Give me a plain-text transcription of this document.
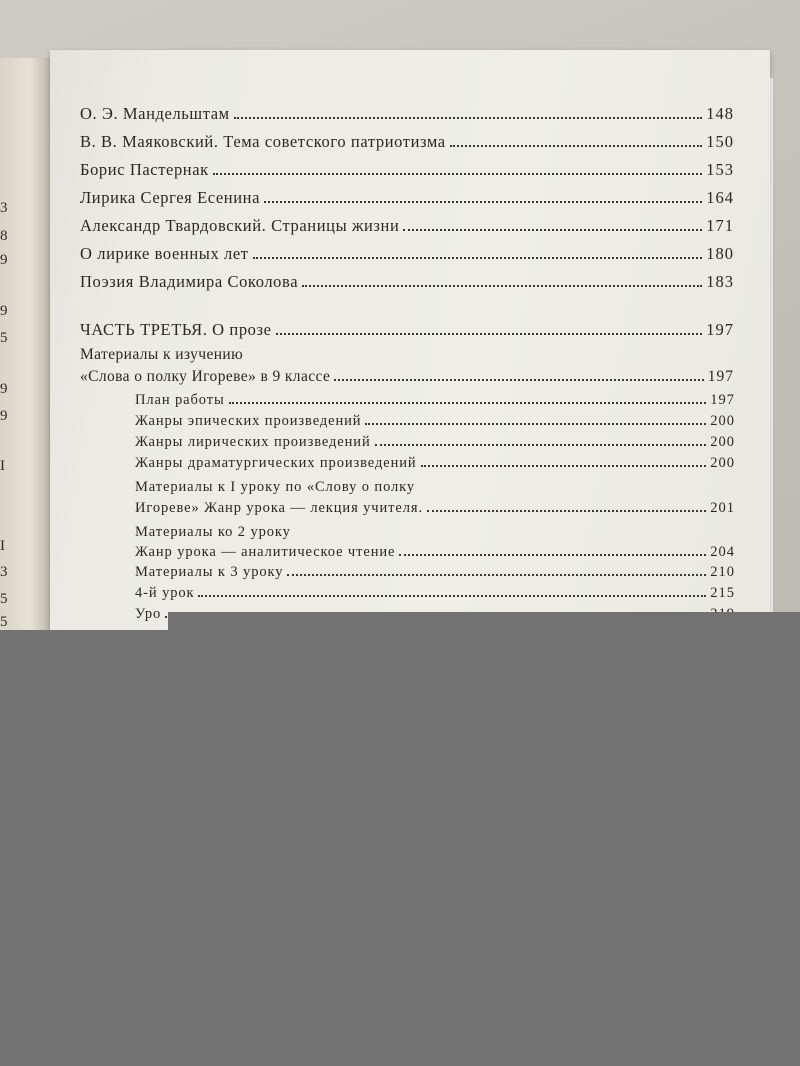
3
8
9
9
5
9
9
I
I
3
5
5
О. Э. Мандельштам	148
В. В. Маяковский. Тема советского патриотизма	150
Борис Пастернак	153
Лирика Сергея Есенина	164
Александр Твардовский. Страницы жизни	171
О лирике военных лет	180
Поэзия Владимира Соколова	183
ЧАСТЬ ТРЕТЬЯ. О прозе	197
Материалы к изучению
«Слова о полку Игореве» в 9 классе	197
План работы	197
Жанры эпических произведений	200
Жанры лирических произведений	200
Жанры драматургических произведений	200
Материалы к I уроку по «Слову о полку
Игореве» Жанр урока — лекция учителя.	201
Материалы ко 2 уроку
Жанр урока — аналитическое чтение	204
Материалы к 3 уроку	210
4-й урок	215
Уро
